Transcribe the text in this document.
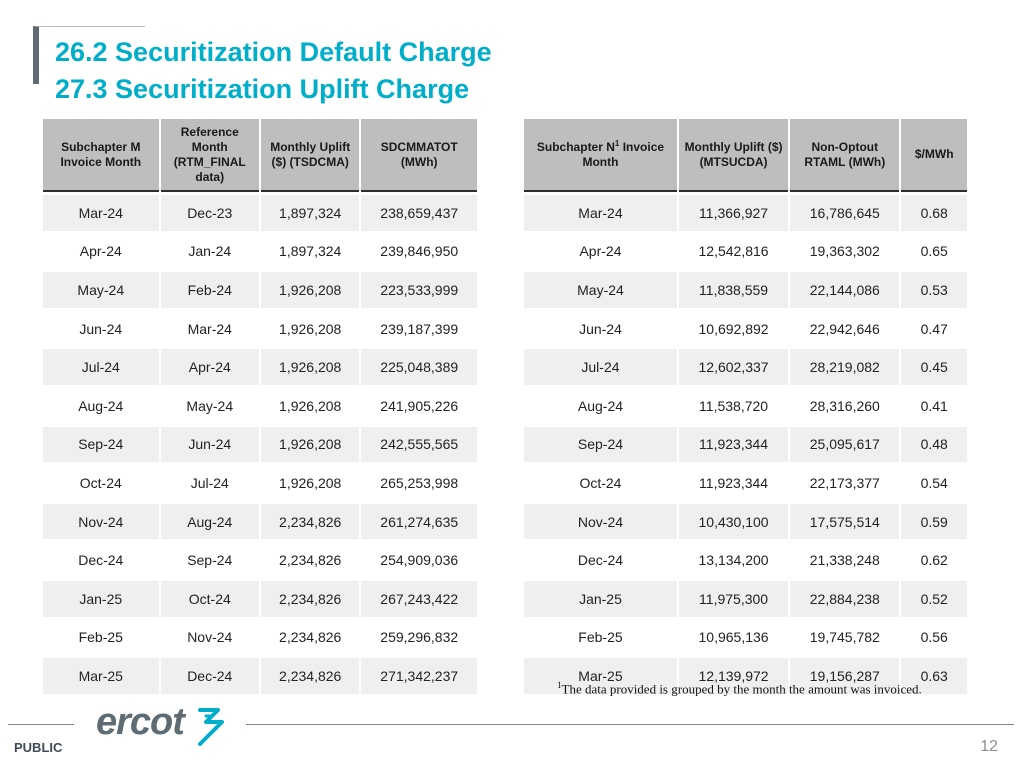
26.2 Securitization Default Charge
27.3 Securitization Uplift Charge
Subchapter M Invoice Month	Reference Month (RTM_FINAL data)	Monthly Uplift ($) (TSDCMA)	SDCMMATOT (MWh)

Mar-24	Dec-23	1,897,324	238,659,437

Apr-24	Jan-24	1,897,324	239,846,950

May-24	Feb-24	1,926,208	223,533,999

Jun-24	Mar-24	1,926,208	239,187,399

Jul-24	Apr-24	1,926,208	225,048,389

Aug-24	May-24	1,926,208	241,905,226

Sep-24	Jun-24	1,926,208	242,555,565

Oct-24	Jul-24	1,926,208	265,253,998

Nov-24	Aug-24	2,234,826	261,274,635

Dec-24	Sep-24	2,234,826	254,909,036

Jan-25	Oct-24	2,234,826	267,243,422

Feb-25	Nov-24	2,234,826	259,296,832

Mar-25	Dec-24	2,234,826	271,342,237
Subchapter $N^1$ Invoice Month	Monthly Uplift ($) (MTSUCDA)	Non-Optout RTAML (MWh)	$/MWh

Mar-24	11,366,927	16,786,645	0.68

Apr-24	12,542,816	19,363,302	0.65

May-24	11,838,559	22,144,086	0.53

Jun-24	10,692,892	22,942,646	0.47

Jul-24	12,602,337	28,219,082	0.45

Aug-24	11,538,720	28,316,260	0.41

Sep-24	11,923,344	25,095,617	0.48

Oct-24	11,923,344	22,173,377	0.54

Nov-24	10,430,100	17,575,514	0.59

Dec-24	13,134,200	21,338,248	0.62

Jan-25	11,975,300	22,884,238	0.52

Feb-25	10,965,136	19,745,782	0.56

Mar-25	12,139,972	19,156,287	0.63
$^1$The data provided is grouped by the month the amount was invoiced.
ercot
PUBLIC	12
